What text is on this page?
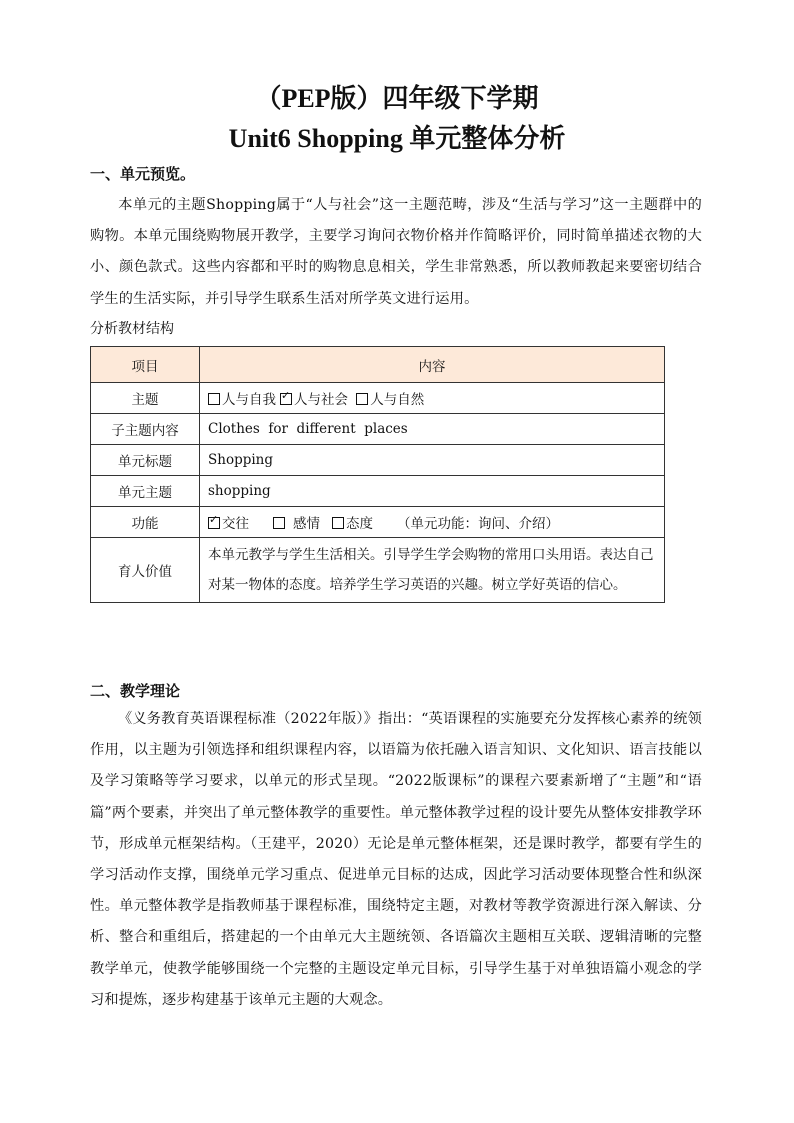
（PEP版）四年级下学期
Unit6 Shopping 单元整体分析
一、单元预览。
本单元的主题Shopping属于“人与社会”这一主题范畴，涉及“生活与学习”这一主题群中的购物。本单元围绕购物展开教学，主要学习询问衣物价格并作简略评价，同时简单描述衣物的大小、颜色款式。这些内容都和平时的购物息息相关，学生非常熟悉，所以教师教起来要密切结合学生的生活实际，并引导学生联系生活对所学英文进行运用。
分析教材结构
项目	内容
主题	人与自我 ✓ 人与社会 人与自然
子主题内容	Clothes  for  different  places
单元标题	Shopping
单元主题	shopping
功能	✓交往 感情 态度 （单元功能：询问、介绍）
育人价值	本单元教学与学生生活相关。引导学生学会购物的常用口头用语。表达自己对某一物体的态度。培养学生学习英语的兴趣。树立学好英语的信心。
二、教学理论
《义务教育英语课程标准（2022年版）》指出：“英语课程的实施要充分发挥核心素养的统领作用，以主题为引领选择和组织课程内容，以语篇为依托融入语言知识、文化知识、语言技能以及学习策略等学习要求，以单元的形式呈现。“2022版课标”的课程六要素新增了“主题”和“语篇”两个要素，并突出了单元整体教学的重要性。单元整体教学过程的设计要先从整体安排教学环节，形成单元框架结构。（王建平，2020）无论是单元整体框架，还是课时教学，都要有学生的学习活动作支撑，围绕单元学习重点、促进单元目标的达成，因此学习活动要体现整合性和纵深性。单元整体教学是指教师基于课程标准，围绕特定主题，对教材等教学资源进行深入解读、分析、整合和重组后，搭建起的一个由单元大主题统领、各语篇次主题相互关联、逻辑清晰的完整教学单元，使教学能够围绕一个完整的主题设定单元目标，引导学生基于对单独语篇小观念的学习和提炼，逐步构建基于该单元主题的大观念。
